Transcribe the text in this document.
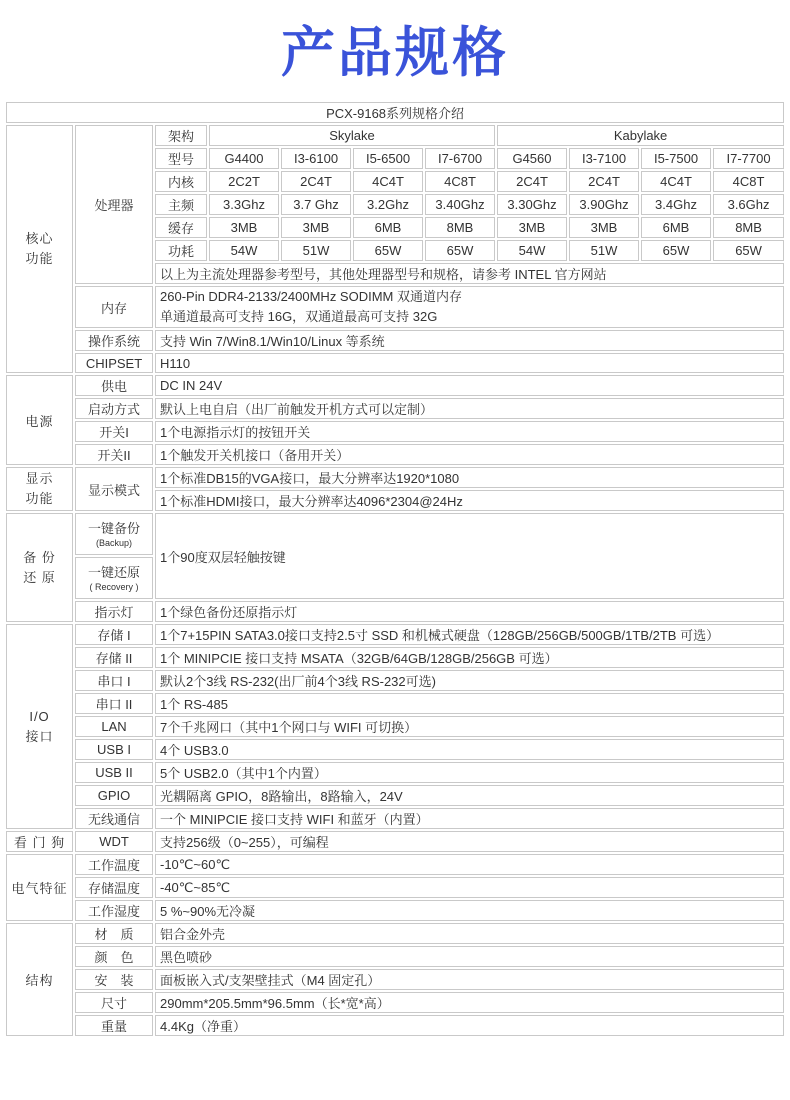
产品规格
PCX-9168系列规格介绍										

核心
功能	处理器	架构	Skylake				Kabylake			
		型号	G4400	I3-6100	I5-6500	I7-6700	G4560	I3-7100	I5-7500	I7-7700
		内核	2C2T	2C4T	4C4T	4C8T	2C4T	2C4T	4C4T	4C8T
		主频	3.3Ghz	3.7 Ghz	3.2Ghz	3.40Ghz	3.30Ghz	3.90Ghz	3.4Ghz	3.6Ghz
		缓存	3MB	3MB	6MB	8MB	3MB	3MB	6MB	8MB
		功耗	54W	51W	65W	65W	54W	51W	65W	65W
		以上为主流处理器参考型号，其他处理器型号和规格，请参考 INTEL 官方网站								
	内存	260-Pin DDR4-2133/2400MHz SODIMM 双通道内存
单通道最高可支持 16G，双通道最高可支持 32G								

	操作系统	支持 Win 7/Win8.1/Win10/Linux 等系统								
	CHIPSET	H110								
电源	供电	DC IN 24V								
	启动方式	默认上电自启（出厂前触发开机方式可以定制）								
	开关I	1个电源指示灯的按钮开关								
	开关II	1个触发开关机接口（备用开关）								

显示
功能	显示模式	1个标准DB15的VGA接口，最大分辨率达1920*1080								
		1个标准HDMI接口，最大分辨率达4096*2304@24Hz								

备 份
还 原	一键备份
(Backup)	1个90度双层轻触按键								

	一键还原
( Recovery )									

	指示灯	1个绿色备份还原指示灯								

I/O
接口	存储 I	1个7+15PIN SATA3.0接口支持2.5寸 SSD 和机械式硬盘（128GB/256GB/500GB/1TB/2TB 可选）								
	存储 II	1个 MINIPCIE 接口支持 MSATA（32GB/64GB/128GB/256GB 可选）								
	串口 I	默认2个3线 RS-232(出厂前4个3线 RS-232可选)								
	串口 II	1个 RS-485								
	LAN	7个千兆网口（其中1个网口与 WIFI 可切换）								
	USB I	4个 USB3.0								
	USB II	5个 USB2.0（其中1个内置）								
	GPIO	光耦隔离 GPIO，8路输出，8路输入，24V								
	无线通信	一个 MINIPCIE 接口支持 WIFI 和蓝牙（内置）								
看 门 狗	WDT	支持256级（0~255），可编程								
电气特征	工作温度	-10℃~60℃								
	存储温度	-40℃~85℃								
	工作湿度	5 %~90%无冷凝								
结构	材　质	铝合金外壳								
	颜　色	黑色喷砂								
	安　装	面板嵌入式/支架壁挂式（M4 固定孔）								
	尺寸	290mm*205.5mm*96.5mm（长*宽*高）								
	重量	4.4Kg（净重）								
